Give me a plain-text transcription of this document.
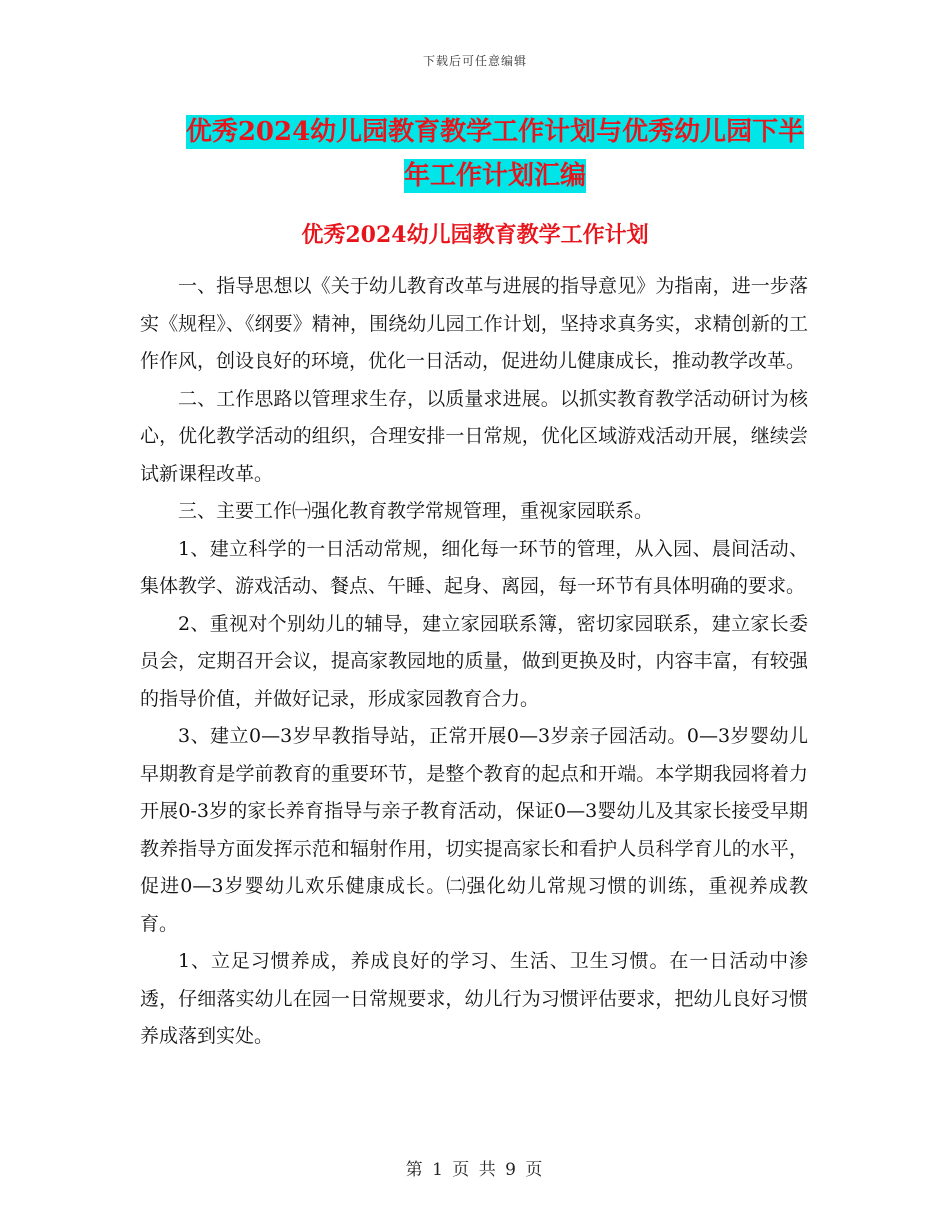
下载后可任意编辑
优秀2024幼儿园教育教学工作计划与优秀幼儿园下半
年工作计划汇编
优秀2024幼儿园教育教学工作计划

一、指导思想以《关于幼儿教育改革与进展的指导意见》为指南，进一步落实《规程》、《纲要》精神，围绕幼儿园工作计划，坚持求真务实，求精创新的工作作风，创设良好的环境，优化一日活动，促进幼儿健康成长，推动教学改革。

二、工作思路以管理求生存，以质量求进展。以抓实教育教学活动研讨为核心，优化教学活动的组织，合理安排一日常规，优化区域游戏活动开展，继续尝试新课程改革。

三、主要工作㈠强化教育教学常规管理，重视家园联系。

1、建立科学的一日活动常规，细化每一环节的管理，从入园、晨间活动、集体教学、游戏活动、餐点、午睡、起身、离园，每一环节有具体明确的要求。

2、重视对个别幼儿的辅导，建立家园联系簿，密切家园联系，建立家长委员会，定期召开会议，提高家教园地的质量，做到更换及时，内容丰富，有较强的指导价值，并做好记录，形成家园教育合力。

3、建立0—3岁早教指导站，正常开展0—3岁亲子园活动。0—3岁婴幼儿早期教育是学前教育的重要环节，是整个教育的起点和开端。本学期我园将着力开展0-3岁的家长养育指导与亲子教育活动，保证0—3婴幼儿及其家长接受早期教养指导方面发挥示范和辐射作用，切实提高家长和看护人员科学育儿的水平，促进0—3岁婴幼儿欢乐健康成长。㈡强化幼儿常规习惯的训练，重视养成教育。

1、立足习惯养成，养成良好的学习、生活、卫生习惯。在一日活动中渗透，仔细落实幼儿在园一日常规要求，幼儿行为习惯评估要求，把幼儿良好习惯养成落到实处。

第 1 页 共 9 页
